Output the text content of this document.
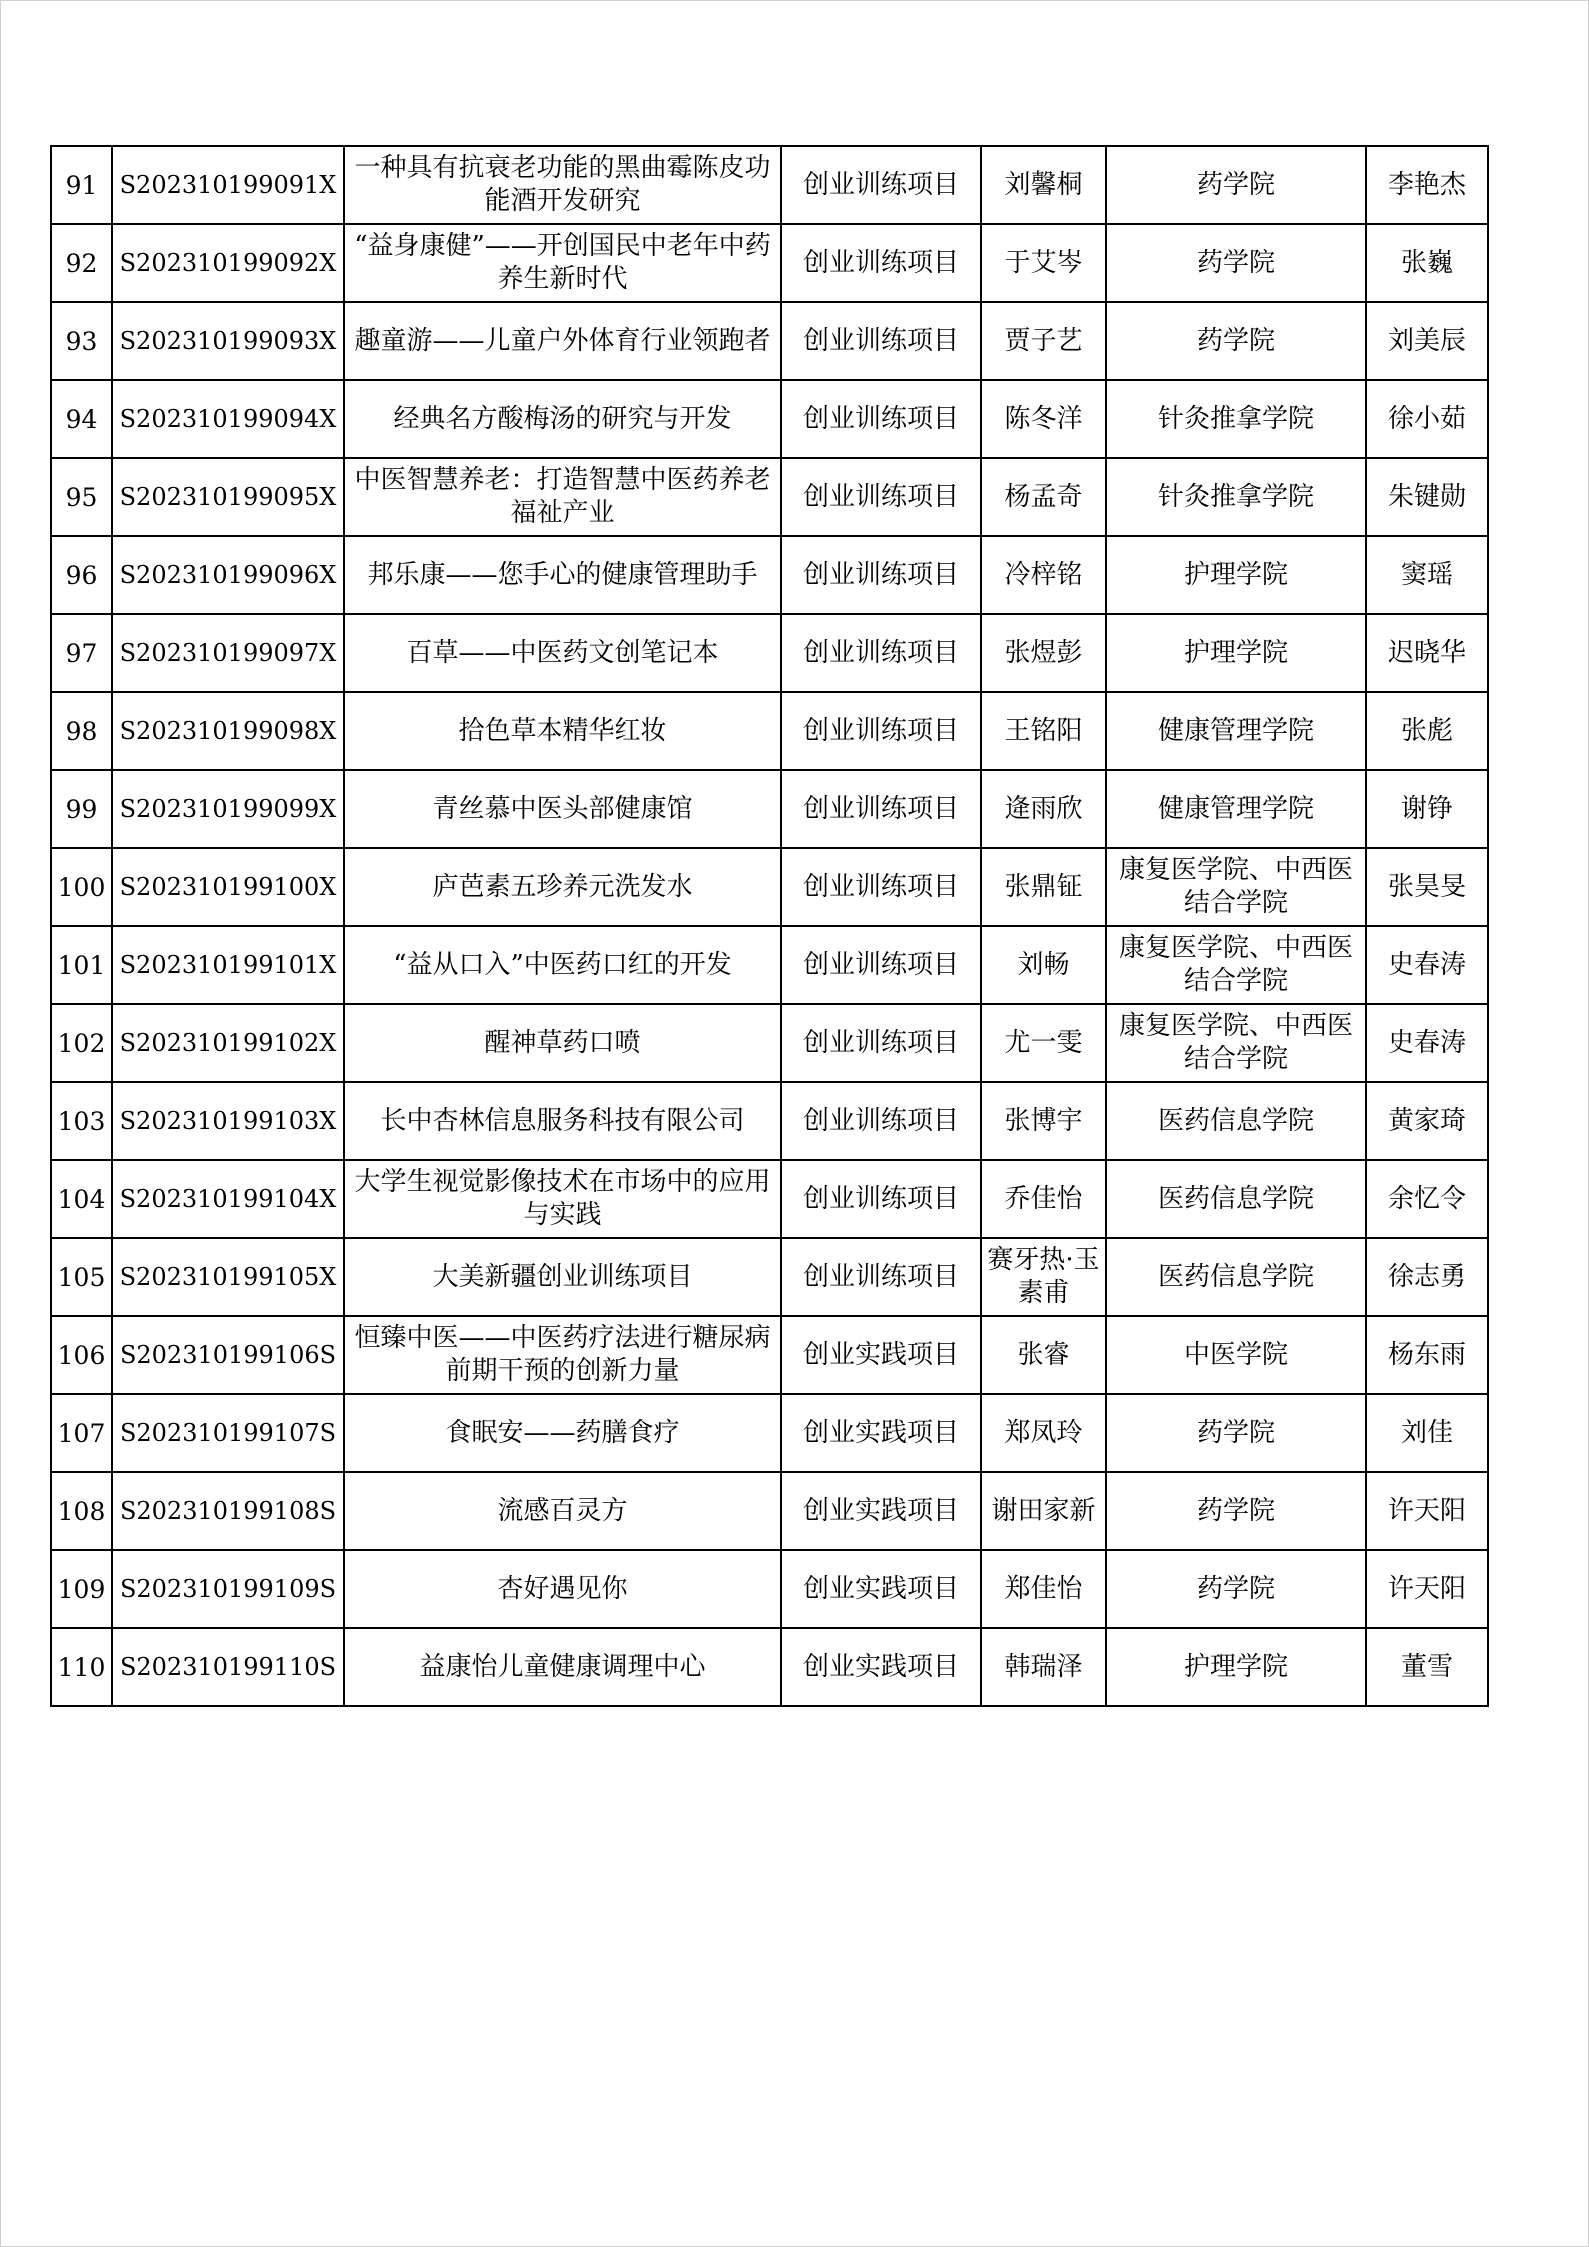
91	S202310199091X	一种具有抗衰老功能的黑曲霉陈皮功能酒开发研究	创业训练项目	刘馨桐	药学院	李艳杰
92	S202310199092X	“益身康健”——开创国民中老年中药养生新时代	创业训练项目	于艾岑	药学院	张巍
93	S202310199093X	趣童游——儿童户外体育行业领跑者	创业训练项目	贾子艺	药学院	刘美辰
94	S202310199094X	经典名方酸梅汤的研究与开发	创业训练项目	陈冬洋	针灸推拿学院	徐小茹
95	S202310199095X	中医智慧养老：打造智慧中医药养老福祉产业	创业训练项目	杨孟奇	针灸推拿学院	朱键勋
96	S202310199096X	邦乐康——您手心的健康管理助手	创业训练项目	冷梓铭	护理学院	窦瑶
97	S202310199097X	百草——中医药文创笔记本	创业训练项目	张煜彭	护理学院	迟晓华
98	S202310199098X	拾色草本精华红妆	创业训练项目	王铭阳	健康管理学院	张彪
99	S202310199099X	青丝慕中医头部健康馆	创业训练项目	逄雨欣	健康管理学院	谢铮
100	S202310199100X	庐芭素五珍养元洗发水	创业训练项目	张鼎钲	康复医学院、中西医结合学院	张昊旻
101	S202310199101X	“益从口入”中医药口红的开发	创业训练项目	刘畅	康复医学院、中西医结合学院	史春涛
102	S202310199102X	醒神草药口喷	创业训练项目	尤一雯	康复医学院、中西医结合学院	史春涛
103	S202310199103X	长中杏林信息服务科技有限公司	创业训练项目	张博宇	医药信息学院	黄家琦
104	S202310199104X	大学生视觉影像技术在市场中的应用与实践	创业训练项目	乔佳怡	医药信息学院	余忆令
105	S202310199105X	大美新疆创业训练项目	创业训练项目	赛牙热·玉素甫	医药信息学院	徐志勇
106	S202310199106S	恒臻中医——中医药疗法进行糖尿病前期干预的创新力量	创业实践项目	张睿	中医学院	杨东雨
107	S202310199107S	食眠安——药膳食疗	创业实践项目	郑凤玲	药学院	刘佳
108	S202310199108S	流感百灵方	创业实践项目	谢田家新	药学院	许天阳
109	S202310199109S	杏好遇见你	创业实践项目	郑佳怡	药学院	许天阳
110	S202310199110S	益康怡儿童健康调理中心	创业实践项目	韩瑞泽	护理学院	董雪
